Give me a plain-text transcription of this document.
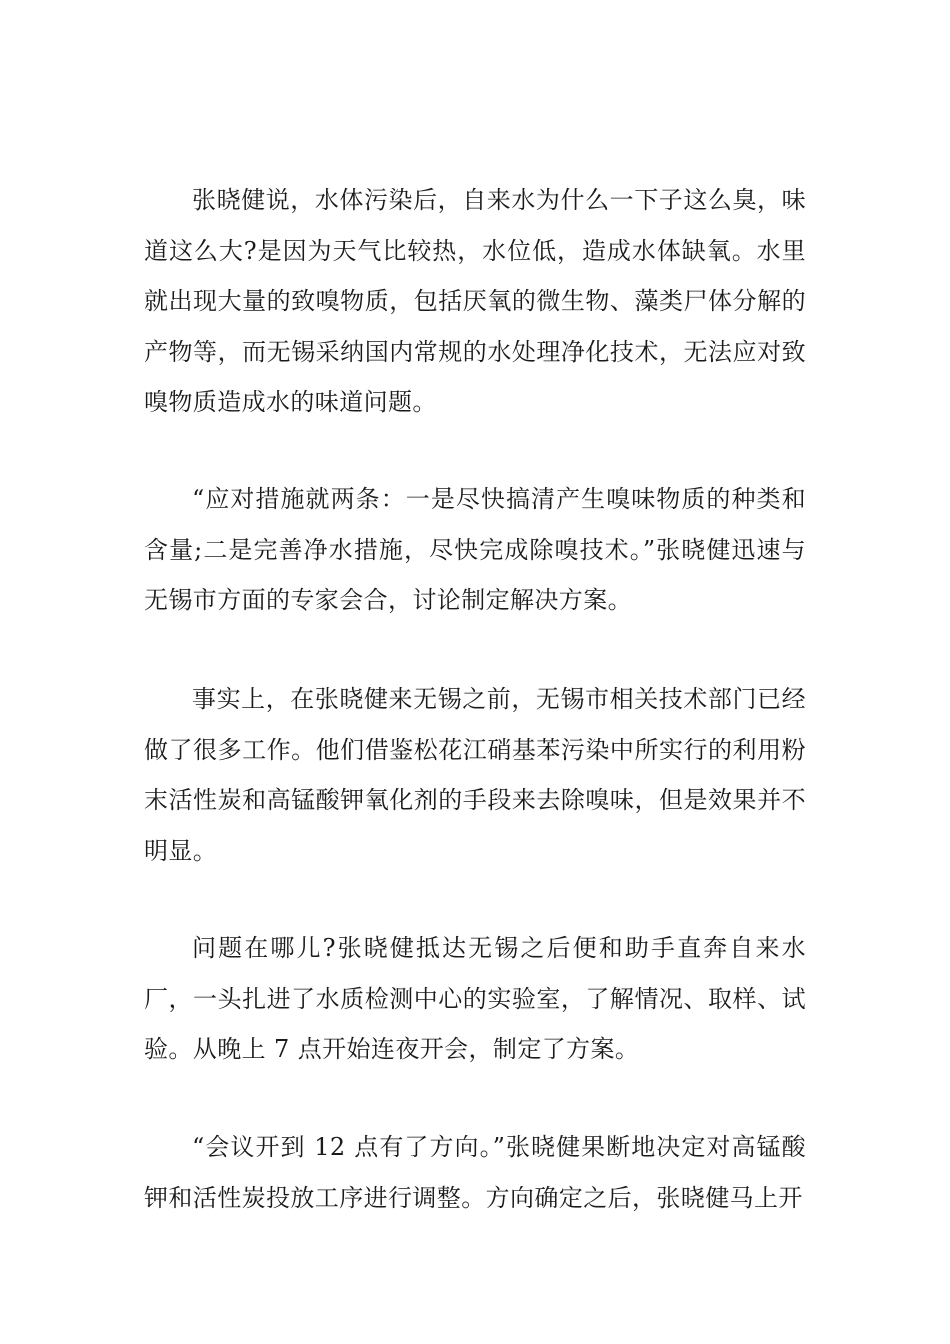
张晓健说，水体污染后，自来水为什么一下子这么臭，味道这么大?是因为天气比较热，水位低，造成水体缺氧。水里就出现大量的致嗅物质，包括厌氧的微生物、藻类尸体分解的产物等，而无锡采纳国内常规的水处理净化技术，无法应对致嗅物质造成水的味道问题。

“应对措施就两条：一是尽快搞清产生嗅味物质的种类和含量;二是完善净水措施，尽快完成除嗅技术。”张晓健迅速与无锡市方面的专家会合，讨论制定解决方案。

事实上，在张晓健来无锡之前，无锡市相关技术部门已经做了很多工作。他们借鉴松花江硝基苯污染中所实行的利用粉末活性炭和高锰酸钾氧化剂的手段来去除嗅味，但是效果并不明显。

问题在哪儿?张晓健抵达无锡之后便和助手直奔自来水厂，一头扎进了水质检测中心的实验室，了解情况、取样、试验。从晚上 7 点开始连夜开会，制定了方案。

“会议开到 12 点有了方向。”张晓健果断地决定对高锰酸钾和活性炭投放工序进行调整。方向确定之后，张晓健马上开
